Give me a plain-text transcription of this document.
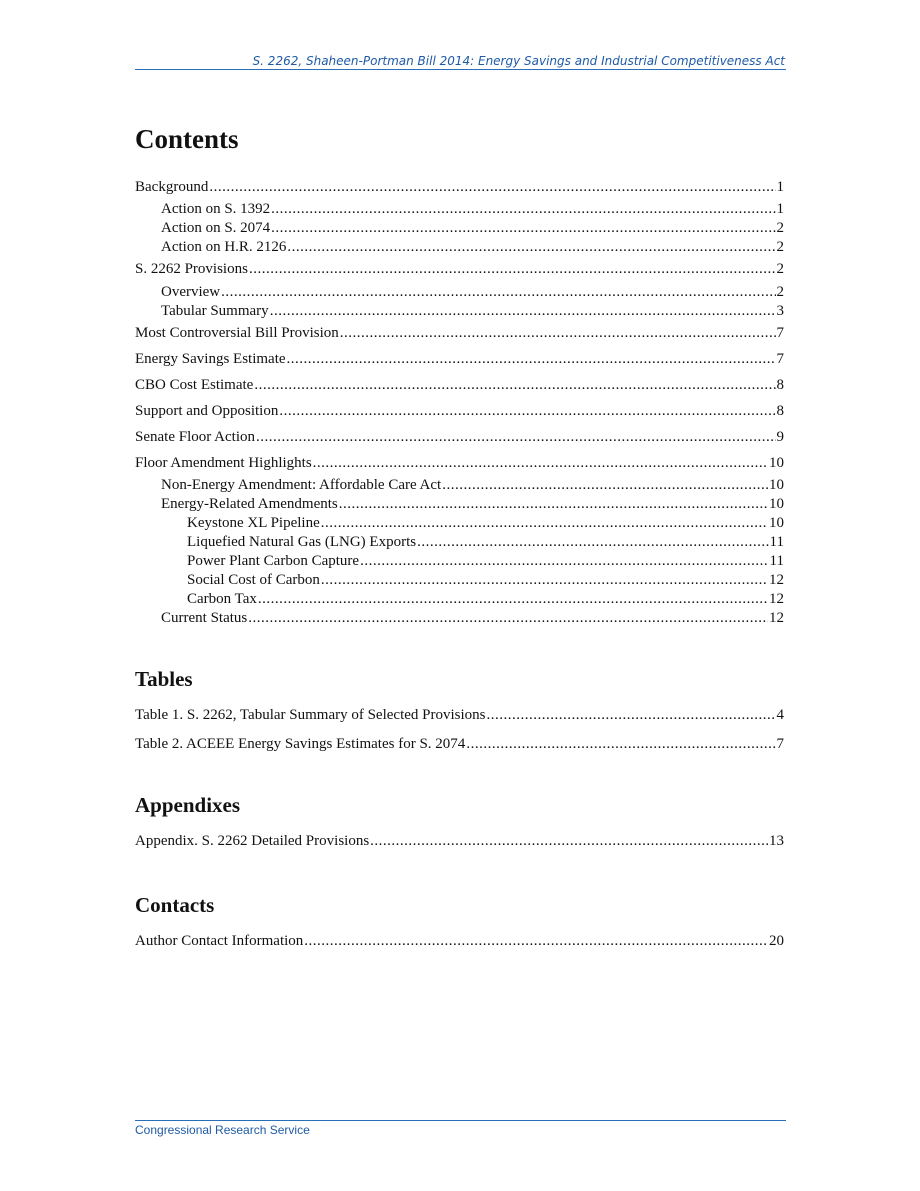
S. 2262, Shaheen-Portman Bill 2014: Energy Savings and Industrial Competitiveness Act
Contents
Background .....	1
Action on S. 1392 .....	1
Action on S. 2074 .....	2
Action on H.R. 2126 .....	2
S. 2262 Provisions .....	2
Overview .....	2
Tabular Summary .....	3
Most Controversial Bill Provision .....	7
Energy Savings Estimate .....	7
CBO Cost Estimate .....	8
Support and Opposition .....	8
Senate Floor Action .....	9
Floor Amendment Highlights .....	10
Non-Energy Amendment: Affordable Care Act .....	10
Energy-Related Amendments .....	10
Keystone XL Pipeline .....	10
Liquefied Natural Gas (LNG) Exports .....	11
Power Plant Carbon Capture .....	11
Social Cost of Carbon .....	12
Carbon Tax .....	12
Current Status .....	12
Tables
Table 1. S. 2262, Tabular Summary of Selected Provisions .....	4
Table 2. ACEEE Energy Savings Estimates for S. 2074 .....	7
Appendixes
Appendix. S. 2262 Detailed Provisions .....	13
Contacts
Author Contact Information .....	20
Congressional Research Service
